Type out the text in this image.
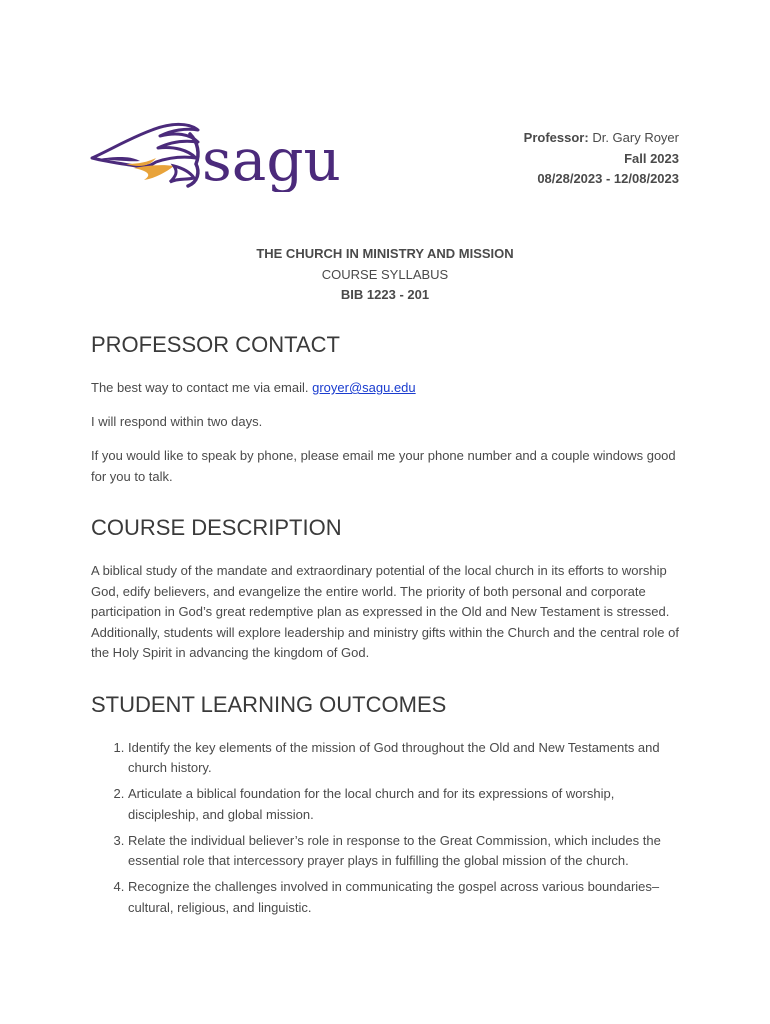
sagu	Professor: Dr. Gary Royer
Fall 2023
08/28/2023 - 12/08/2023
THE CHURCH IN MINISTRY AND MISSION
COURSE SYLLABUS
BIB 1223 - 201
PROFESSOR CONTACT

The best way to contact me via email. groyer@sagu.edu

I will respond within two days.

If you would like to speak by phone, please email me your phone number and a couple windows good for you to talk.

COURSE DESCRIPTION

A biblical study of the mandate and extraordinary potential of the local church in its efforts to worship God, edify believers, and evangelize the entire world. The priority of both personal and corporate participation in God’s great redemptive plan as expressed in the Old and New Testament is stressed. Additionally, students will explore leadership and ministry gifts within the Church and the central role of the Holy Spirit in advancing the kingdom of God.

STUDENT LEARNING OUTCOMES
1. Identify the key elements of the mission of God throughout the Old and New Testaments and church history.
2. Articulate a biblical foundation for the local church and for its expressions of worship, discipleship, and global mission.
3. Relate the individual believer’s role in response to the Great Commission, which includes the essential role that intercessory prayer plays in fulfilling the global mission of the church.
4. Recognize the challenges involved in communicating the gospel across various boundaries–cultural, religious, and linguistic.
